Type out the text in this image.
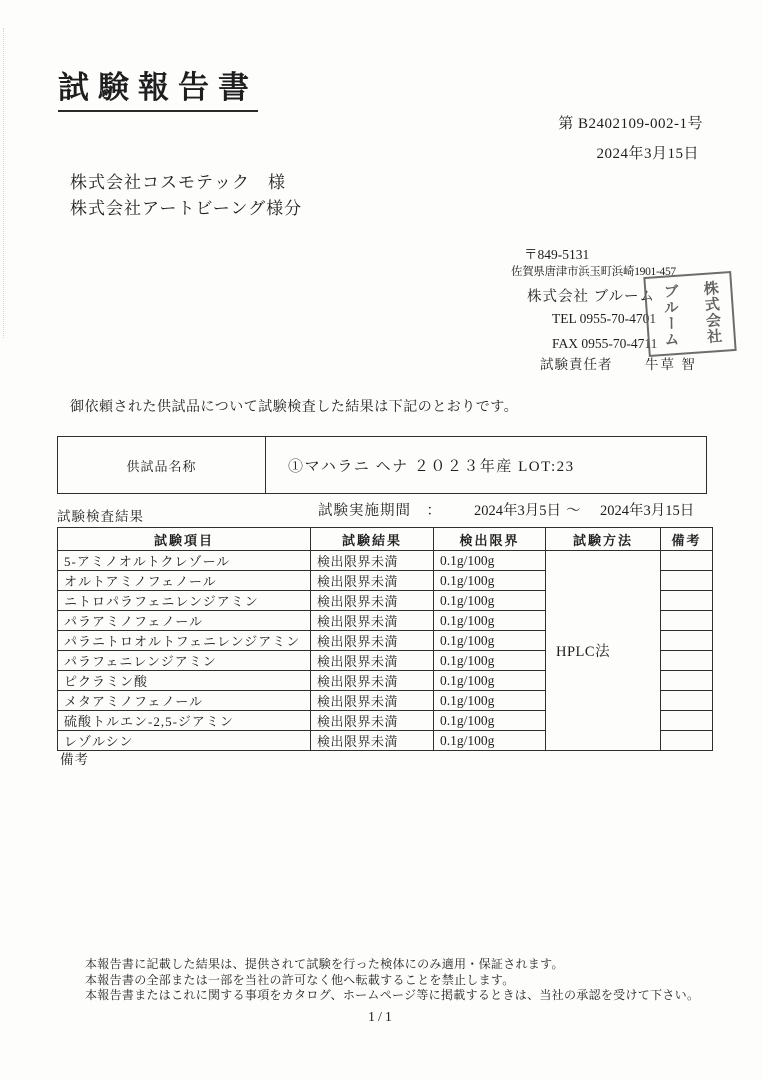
試験報告書
第 B2402109-002-1号
2024年3月15日
株式会社コスモテック　様
株式会社アートビーング様分
〒849-5131
佐賀県唐津市浜玉町浜崎1901-457
株式会社 ブルーム
TEL 0955-70-4701
FAX 0955-70-4711
試験責任者 牛草 智
ブルーム 株式会社
御依頼された供試品について試験検査した結果は下記のとおりです。
供試品名称	①マハラニ ヘナ ２０２３年産 LOT:23
試験検査結果	試験実施期間　： 2024年3月5日 ～ 2024年3月15日
試験項目	試験結果	検出限界	試験方法	備考
5-アミノオルトクレゾール	検出限界未満	0.1g/100g	HPLC法	
オルトアミノフェノール	検出限界未満	0.1g/100g		
ニトロパラフェニレンジアミン	検出限界未満	0.1g/100g		
パラアミノフェノール	検出限界未満	0.1g/100g		
パラニトロオルトフェニレンジアミン	検出限界未満	0.1g/100g		
パラフェニレンジアミン	検出限界未満	0.1g/100g		
ピクラミン酸	検出限界未満	0.1g/100g		
メタアミノフェノール	検出限界未満	0.1g/100g		
硫酸トルエン-2,5-ジアミン	検出限界未満	0.1g/100g		
レゾルシン	検出限界未満	0.1g/100g		
備考
本報告書に記載した結果は、提供されて試験を行った検体にのみ適用・保証されます。
本報告書の全部または一部を当社の許可なく他へ転載することを禁止します。
本報告書またはこれに関する事項をカタログ、ホームページ等に掲載するときは、当社の承認を受けて下さい。
1/1
